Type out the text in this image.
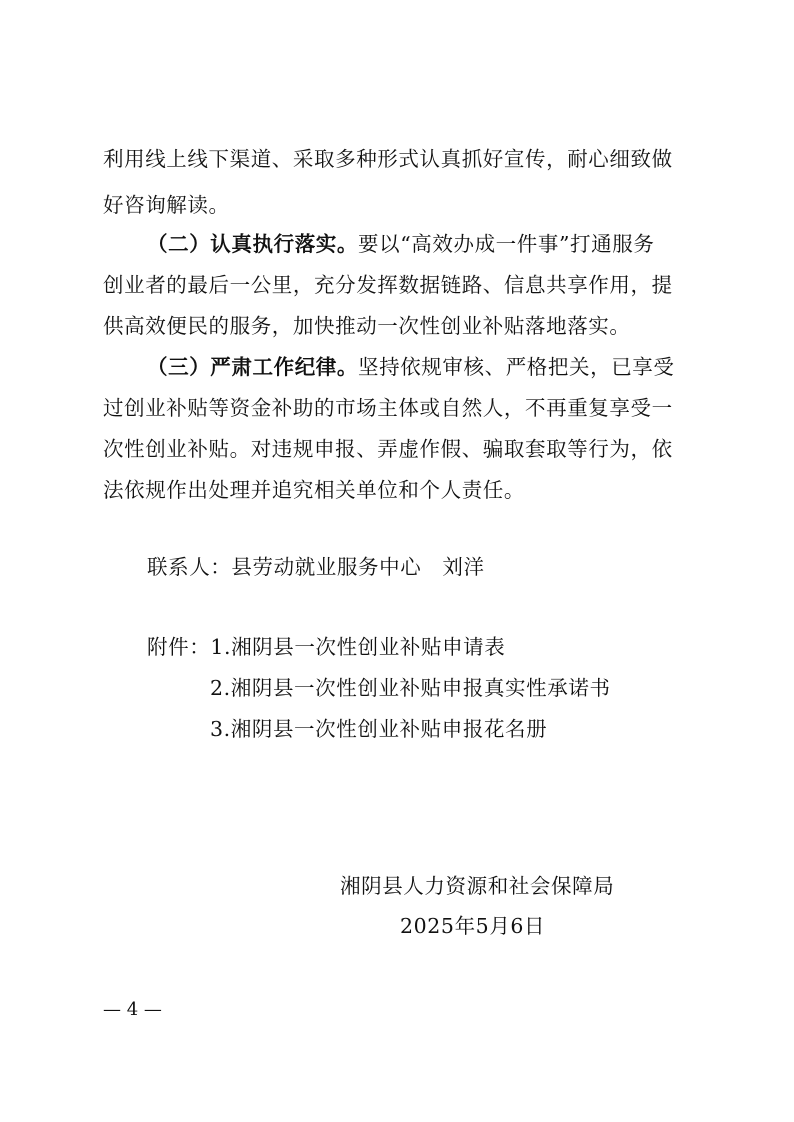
利用线上线下渠道、采取多种形式认真抓好宣传，耐心细致做
好咨询解读。
（二）认真执行落实。要以“高效办成一件事”打通服务
创业者的最后一公里，充分发挥数据链路、信息共享作用，提
供高效便民的服务，加快推动一次性创业补贴落地落实。
（三）严肃工作纪律。坚持依规审核、严格把关，已享受
过创业补贴等资金补助的市场主体或自然人，不再重复享受一
次性创业补贴。对违规申报、弄虚作假、骗取套取等行为，依
法依规作出处理并追究相关单位和个人责任。
联系人：县劳动就业服务中心　刘洋
附件：1.湘阴县一次性创业补贴申请表
2.湘阴县一次性创业补贴申报真实性承诺书
3.湘阴县一次性创业补贴申报花名册
湘阴县人力资源和社会保障局
2025年5月6日
— 4 —
